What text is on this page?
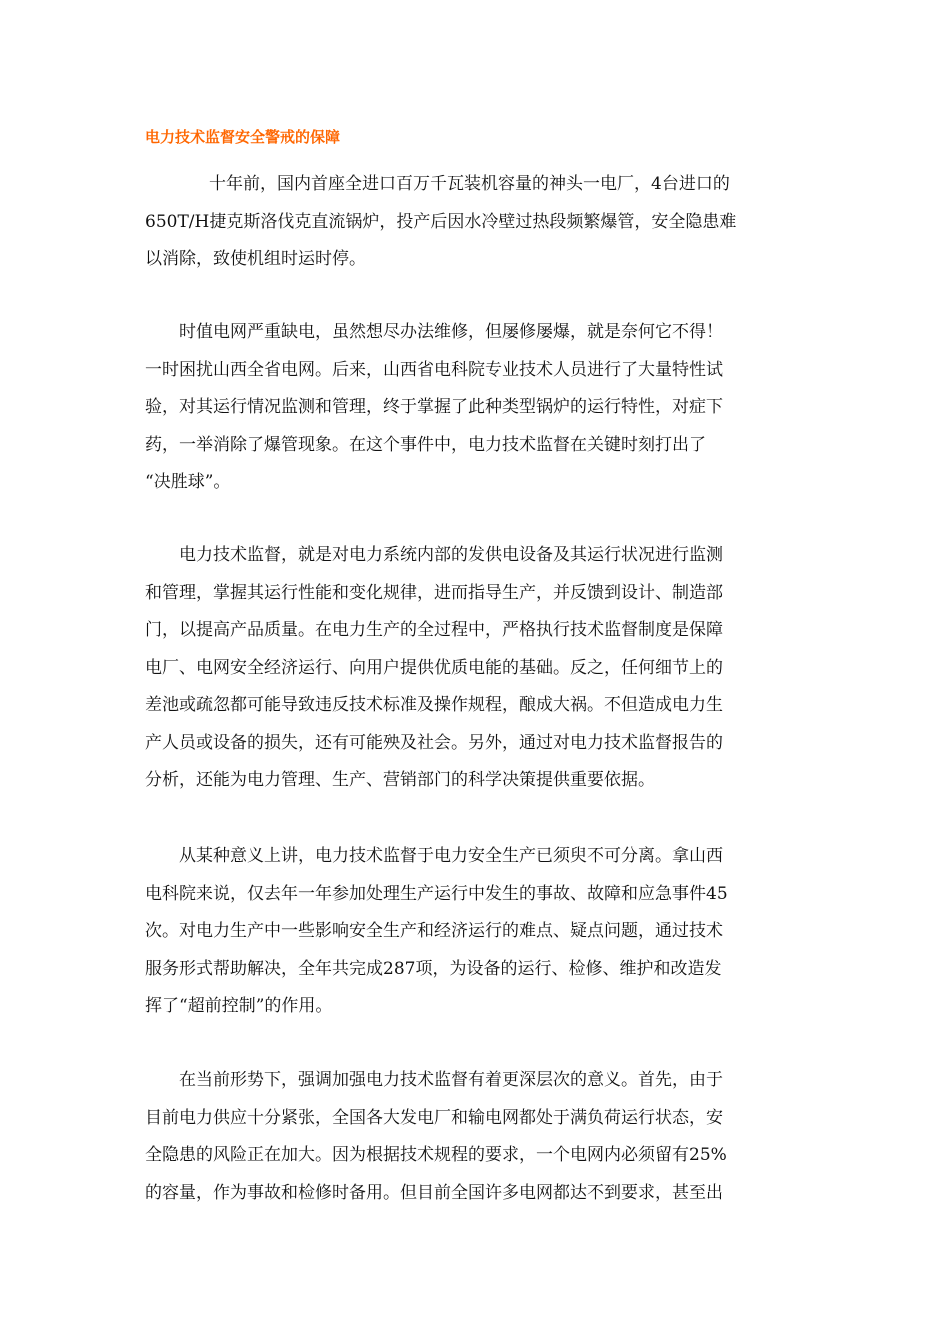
电力技术监督安全警戒的保障
十年前，国内首座全进口百万千瓦装机容量的神头一电厂，4台进口的
650T/H捷克斯洛伐克直流锅炉，投产后因水冷壁过热段频繁爆管，安全隐患难
以消除，致使机组时运时停。
时值电网严重缺电，虽然想尽办法维修，但屡修屡爆，就是奈何它不得！
一时困扰山西全省电网。后来，山西省电科院专业技术人员进行了大量特性试
验，对其运行情况监测和管理，终于掌握了此种类型锅炉的运行特性，对症下
药，一举消除了爆管现象。在这个事件中，电力技术监督在关键时刻打出了
“决胜球”。
电力技术监督，就是对电力系统内部的发供电设备及其运行状况进行监测
和管理，掌握其运行性能和变化规律，进而指导生产，并反馈到设计、制造部
门，以提高产品质量。在电力生产的全过程中，严格执行技术监督制度是保障
电厂、电网安全经济运行、向用户提供优质电能的基础。反之，任何细节上的
差池或疏忽都可能导致违反技术标准及操作规程，酿成大祸。不但造成电力生
产人员或设备的损失，还有可能殃及社会。另外，通过对电力技术监督报告的
分析，还能为电力管理、生产、营销部门的科学决策提供重要依据。
从某种意义上讲，电力技术监督于电力安全生产已须臾不可分离。拿山西
电科院来说，仅去年一年参加处理生产运行中发生的事故、故障和应急事件45
次。对电力生产中一些影响安全生产和经济运行的难点、疑点问题，通过技术
服务形式帮助解决，全年共完成287项，为设备的运行、检修、维护和改造发
挥了“超前控制”的作用。
在当前形势下，强调加强电力技术监督有着更深层次的意义。首先，由于
目前电力供应十分紧张，全国各大发电厂和输电网都处于满负荷运行状态，安
全隐患的风险正在加大。因为根据技术规程的要求，一个电网内必须留有25%
的容量，作为事故和检修时备用。但目前全国许多电网都达不到要求，甚至出
